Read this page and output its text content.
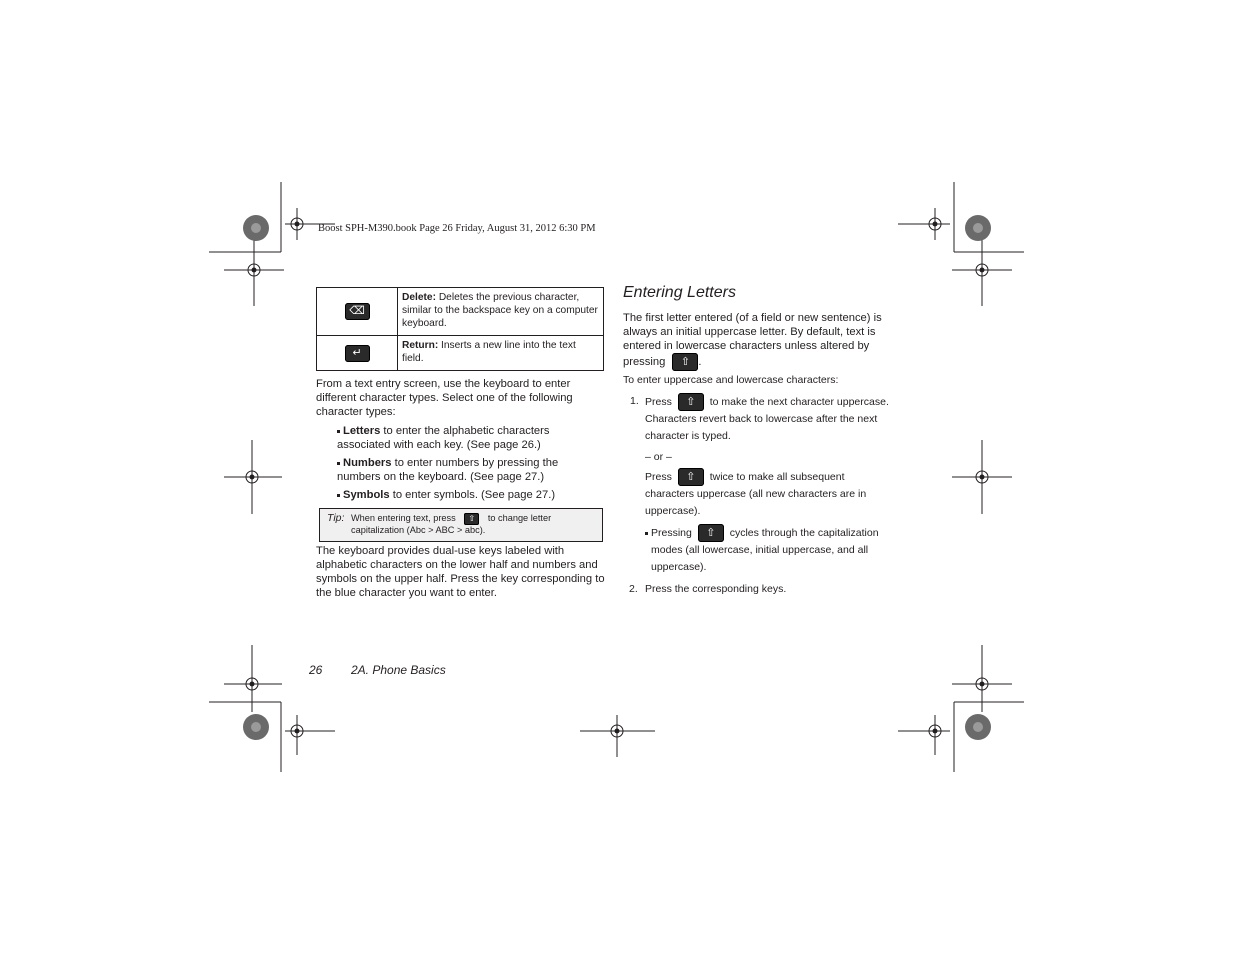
Boost SPH-M390.book Page 26 Friday, August 31, 2012 6:30 PM
⌫	Delete: Deletes the previous character, similar to the backspace key on a computer keyboard.
↵	Return: Inserts a new line into the text field.
From a text entry screen, use the keyboard to enter different character types. Select one of the following character types:
Letters to enter the alphabetic characters associated with each key. (See page 26.)
Numbers to enter numbers by pressing the numbers on the keyboard. (See page 27.)
Symbols to enter symbols. (See page 27.)
Tip: When entering text, press ⇧ to change letter
capitalization (Abc > ABC > abc).
The keyboard provides dual-use keys labeled with alphabetic characters on the lower half and numbers and symbols on the upper half. Press the key corresponding to the blue character you want to enter.
Entering Letters
The first letter entered (of a field or new sentence) is always an initial uppercase letter. By default, text is entered in lowercase characters unless altered by pressing ⇧ .
To enter uppercase and lowercase characters:
1. Press ⇧ to make the next character uppercase.
Characters revert back to lowercase after the next character is typed.
– or –
Press ⇧ twice to make all subsequent
characters uppercase (all new characters are in uppercase).
Pressing ⇧ cycles through the capitalization
modes (all lowercase, initial uppercase, and all uppercase).
2. Press the corresponding keys.
26 2A. Phone Basics
